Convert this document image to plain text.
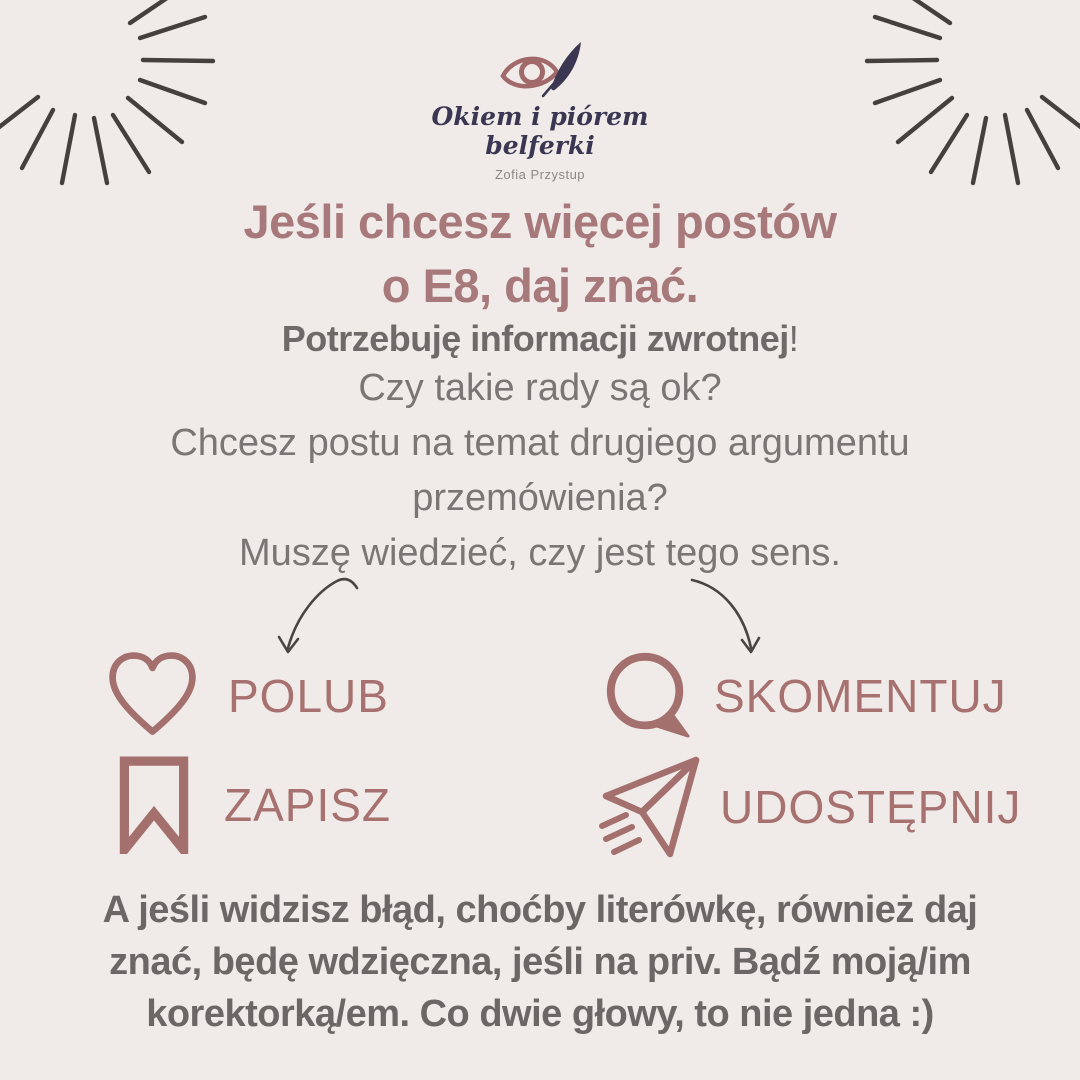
Okiem i piórem
belferki
Zofia Przystup
Jeśli chcesz więcej postów
o E8, daj znać.
Potrzebuję informacji zwrotnej!
Czy takie rady są ok?
Chcesz postu na temat drugiego argumentu
przemówienia?
Muszę wiedzieć, czy jest tego sens.
POLUB	SKOMENTUJ
ZAPISZ	UDOSTĘPNIJ
A jeśli widzisz błąd, choćby literówkę, również daj
znać, będę wdzięczna, jeśli na priv. Bądź moją/im
korektorką/em. Co dwie głowy, to nie jedna :)
